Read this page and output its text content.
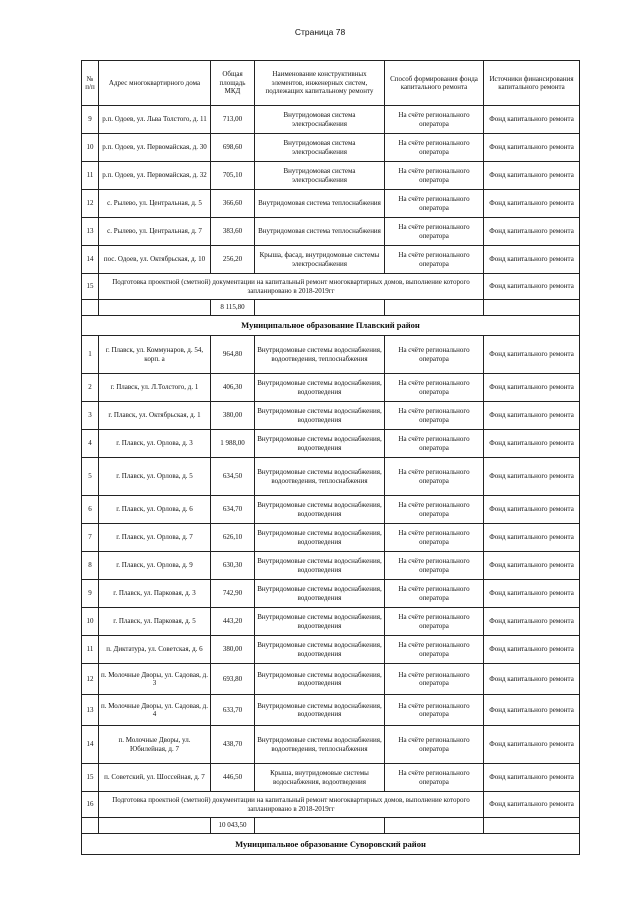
Страница 78
№ п/п	Адрес многоквартирного дома	Общая площадь МКД	Наименование конструктивных элементов, инженерных систем, подлежащих капитальному ремонту	Способ формирования фонда капитального ремонта	Источники финансирования капитального ремонта
9	р.п. Одоев, ул. Льва Толстого, д. 11	713,00	Внутридомовая система электроснабжения	На счёте регионального оператора	Фонд капитального ремонта
10	р.п. Одоев, ул. Первомайская, д. 30	698,60	Внутридомовая система электроснабжения	На счёте регионального оператора	Фонд капитального ремонта
11	р.п. Одоев, ул. Первомайская, д. 32	705,10	Внутридомовая система электроснабжения	На счёте регионального оператора	Фонд капитального ремонта
12	с. Рылево, ул. Центральная, д. 5	366,60	Внутридомовая система теплоснабжения	На счёте регионального оператора	Фонд капитального ремонта
13	с. Рылево, ул. Центральная, д. 7	383,60	Внутридомовая система теплоснабжения	На счёте регионального оператора	Фонд капитального ремонта
14	пос. Одоев, ул. Октябрьская, д. 10	256,20	Крыша, фасад, внутридомовые системы электроснабжения	На счёте регионального оператора	Фонд капитального ремонта
15	Подготовка проектной (сметной) документации на капитальный ремонт многоквартирных домов, выполнение которого запланировано в 2018-2019гг				Фонд капитального ремонта
		8 115,80			
Муниципальное образование Плавский район					
1	г. Плавск, ул. Коммунаров, д. 54, корп. а	964,80	Внутридомовые системы водоснабжения, водоотведения, теплоснабжения	На счёте регионального оператора	Фонд капитального ремонта
2	г. Плавск, ул. Л.Толстого, д. 1	406,30	Внутридомовые системы водоснабжения, водоотведения	На счёте регионального оператора	Фонд капитального ремонта
3	г. Плавск, ул. Октябрьская, д. 1	380,00	Внутридомовые системы водоснабжения, водоотведения	На счёте регионального оператора	Фонд капитального ремонта
4	г. Плавск, ул. Орлова, д. 3	1 988,00	Внутридомовые системы водоснабжения, водоотведения	На счёте регионального оператора	Фонд капитального ремонта
5	г. Плавск, ул. Орлова, д. 5	634,50	Внутридомовые системы водоснабжения, водоотведения, теплоснабжения	На счёте регионального оператора	Фонд капитального ремонта
6	г. Плавск, ул. Орлова, д. 6	634,70	Внутридомовые системы водоснабжения, водоотведения	На счёте регионального оператора	Фонд капитального ремонта
7	г. Плавск, ул. Орлова, д. 7	626,10	Внутридомовые системы водоснабжения, водоотведения	На счёте регионального оператора	Фонд капитального ремонта
8	г. Плавск, ул. Орлова, д. 9	630,30	Внутридомовые системы водоснабжения, водоотведения	На счёте регионального оператора	Фонд капитального ремонта
9	г. Плавск, ул. Парковая, д. 3	742,90	Внутридомовые системы водоснабжения, водоотведения	На счёте регионального оператора	Фонд капитального ремонта
10	г. Плавск, ул. Парковая, д. 5	443,20	Внутридомовые системы водоснабжения, водоотведения	На счёте регионального оператора	Фонд капитального ремонта
11	п. Диктатура, ул. Советская, д. 6	380,00	Внутридомовые системы водоснабжения, водоотведения	На счёте регионального оператора	Фонд капитального ремонта
12	п. Молочные Дворы, ул. Садовая, д. 3	693,80	Внутридомовые системы водоснабжения, водоотведения	На счёте регионального оператора	Фонд капитального ремонта
13	п. Молочные Дворы, ул. Садовая, д. 4	633,70	Внутридомовые системы водоснабжения, водоотведения	На счёте регионального оператора	Фонд капитального ремонта
14	п. Молочные Дворы, ул. Юбилейная, д. 7	438,70	Внутридомовые системы водоснабжения, водоотведения, теплоснабжения	На счёте регионального оператора	Фонд капитального ремонта
15	п. Советский, ул. Шоссейная, д. 7	446,50	Крыша, внутридомовые системы водоснабжения, водоотведения	На счёте регионального оператора	Фонд капитального ремонта
16	Подготовка проектной (сметной) документации на капитальный ремонт многоквартирных домов, выполнение которого запланировано в 2018-2019гг				Фонд капитального ремонта
		10 043,50			
Муниципальное образование Суворовский район					
